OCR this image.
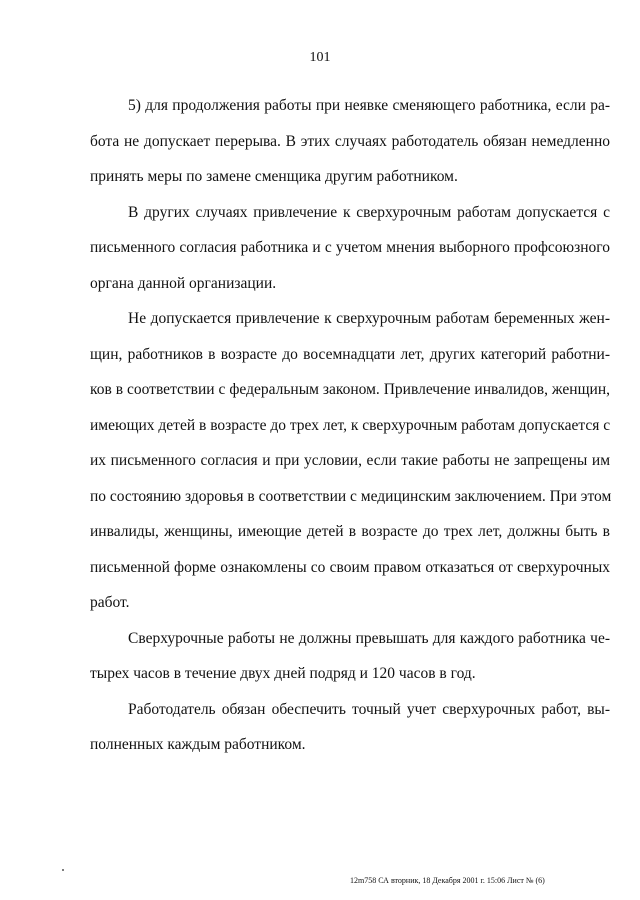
101
5) для продолжения работы при неявке сменяющего работника, если ра-
бота не допускает перерыва. В этих случаях работодатель обязан немедленно
принять меры по замене сменщика другим работником.
В других случаях привлечение к сверхурочным работам допускается с
письменного согласия работника и с учетом мнения выборного профсоюзного
органа данной организации.
Не допускается привлечение к сверхурочным работам беременных жен-
щин, работников в возрасте до восемнадцати лет, других категорий работни-
ков в соответствии с федеральным законом. Привлечение инвалидов, женщин,
имеющих детей в возрасте до трех лет, к сверхурочным работам допускается с
их письменного согласия и при условии, если такие работы не запрещены им
по состоянию здоровья в соответствии с медицинским заключением. При этом
инвалиды, женщины, имеющие детей в возрасте до трех лет, должны быть в
письменной форме ознакомлены со своим правом отказаться от сверхурочных
работ.
Сверхурочные работы не должны превышать для каждого работника че-
тырех часов в течение двух дней подряд и 120 часов в год.
Работодатель обязан обеспечить точный учет сверхурочных работ, вы-
полненных каждым работником.
12m758 СА вторник, 18 Декабря 2001 г. 15:06 Лист № (6)
